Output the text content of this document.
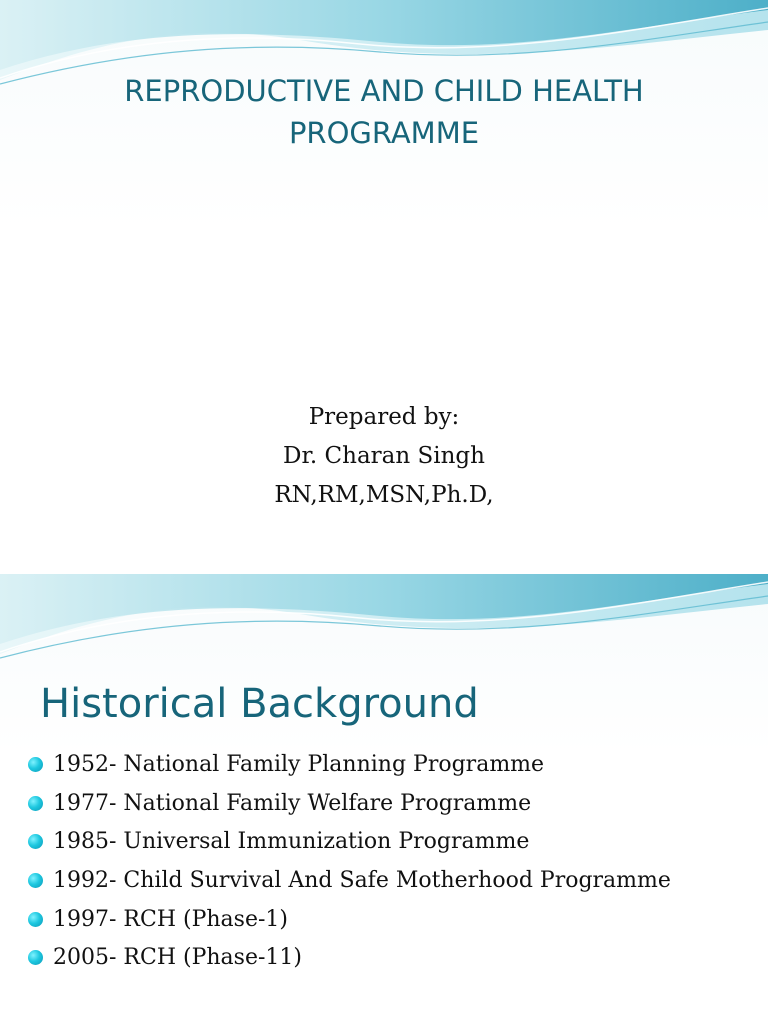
REPRODUCTIVE AND CHILD HEALTH
PROGRAMME
Prepared by:
Dr. Charan Singh
RN,RM,MSN,Ph.D,
Historical Background
1952- National Family Planning Programme
1977- National Family Welfare Programme
1985- Universal Immunization Programme
1992- Child Survival And Safe Motherhood Programme
1997- RCH (Phase-1)
2005- RCH (Phase-11)
